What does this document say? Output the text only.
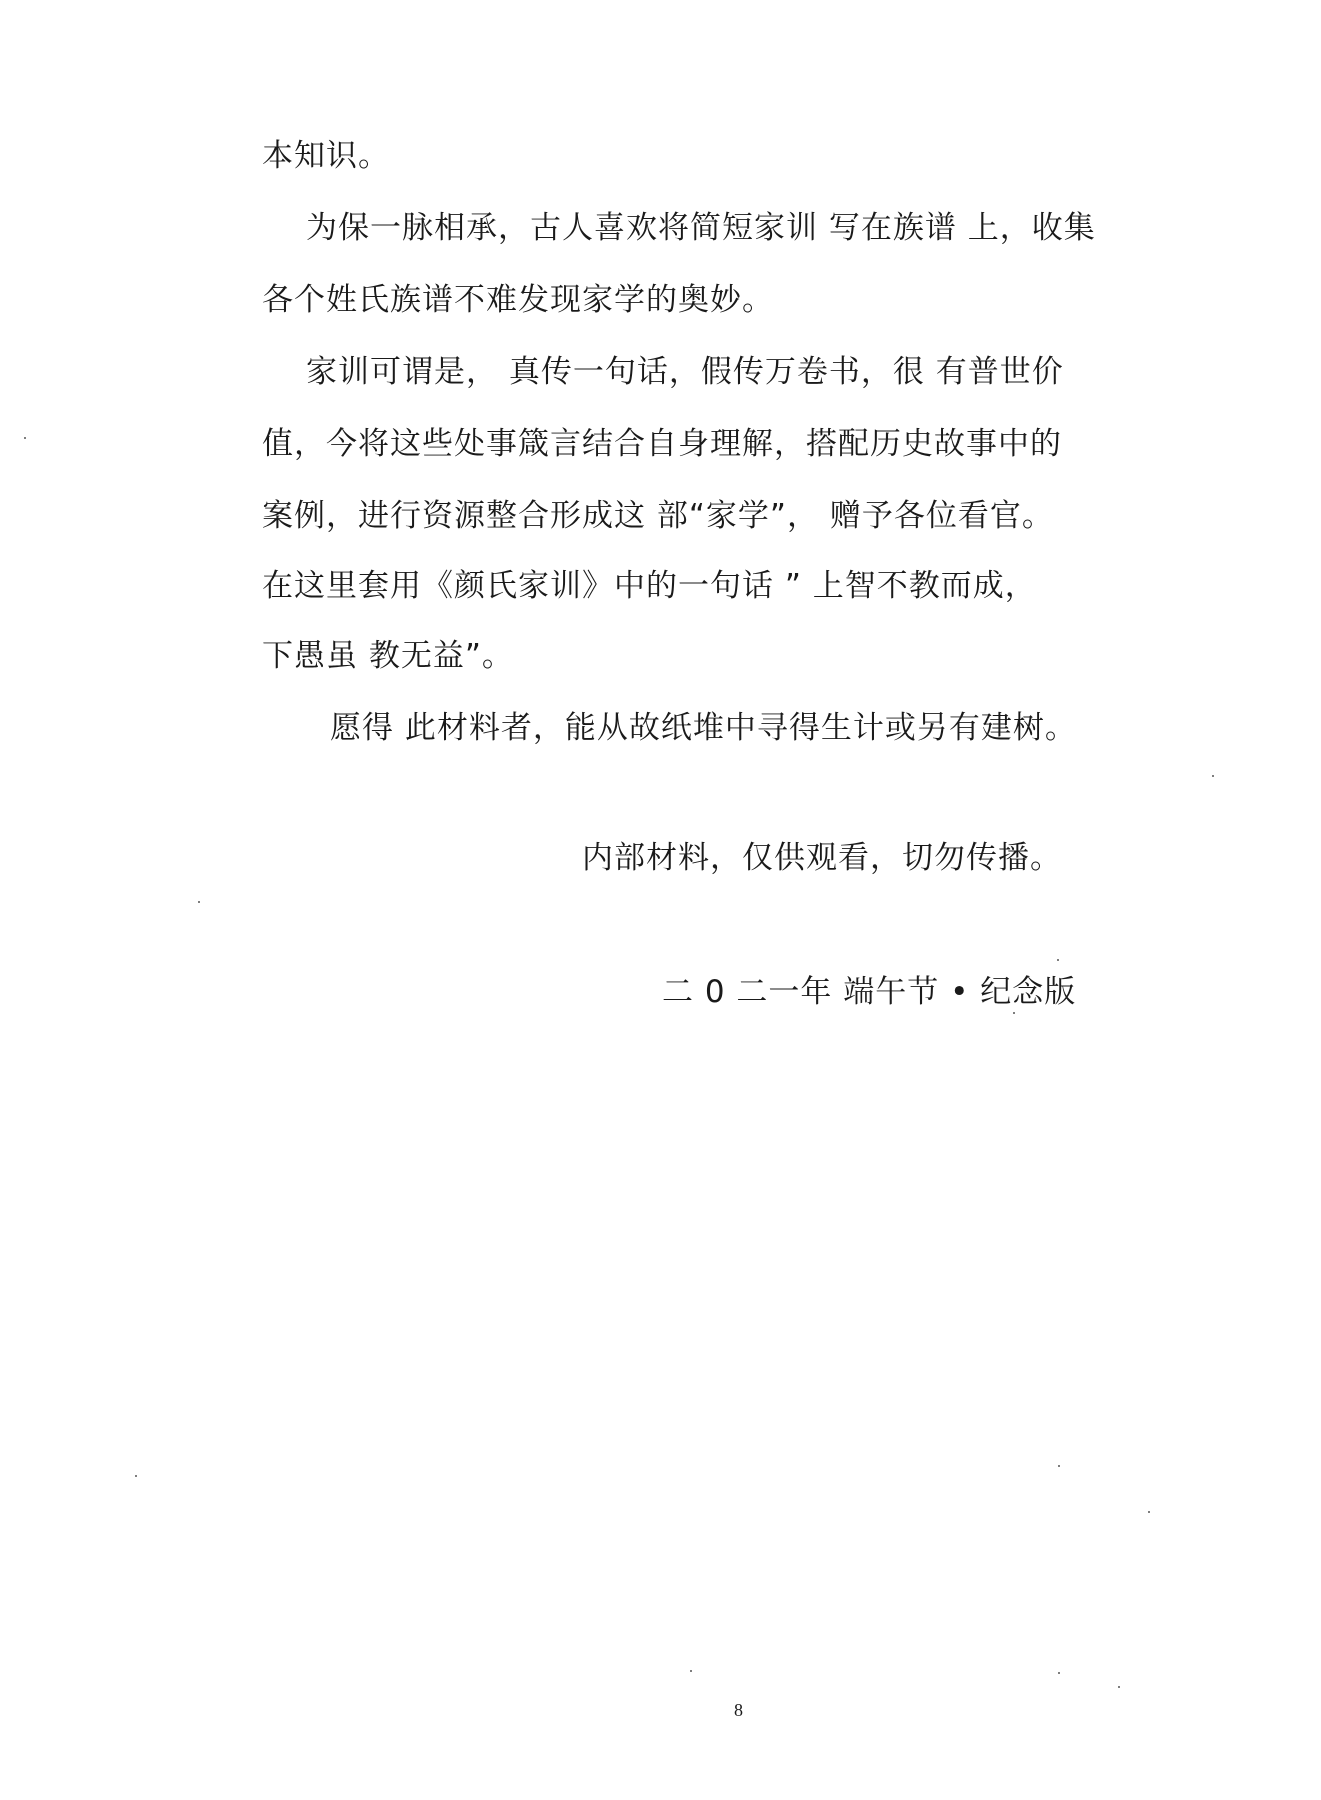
本知识。
为保一脉相承，古人喜欢将简短家训 写在族谱 上，收集
各个姓氏族谱不难发现家学的奥妙。
家训可谓是， 真传一句话，假传万卷书，很 有普世价
值，今将这些处事箴言结合自身理解，搭配历史故事中的
案例，进行资源整合形成这 部“家学”， 赠予各位看官。
在这里套用《颜氏家训》中的一句话 ” 上智不教而成，
下愚虽 教无益”。
愿得 此材料者，能从故纸堆中寻得生计或另有建树。
内部材料，仅供观看，切勿传播。
二 0 二一年 端午节 • 纪念版
8
